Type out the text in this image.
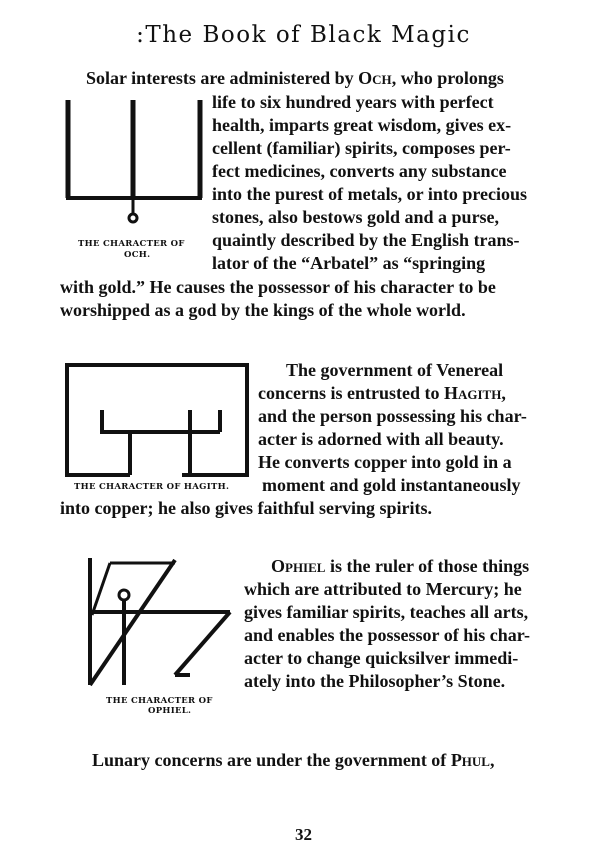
:The Book of Black Magic
Solar interests are administered by Och, who prolongs
life to six hundred years with perfect
health, imparts great wisdom, gives ex-
cellent (familiar) spirits, composes per-
fect medicines, converts any substance
into the purest of metals, or into precious
stones, also bestows gold and a purse,
quaintly described by the English trans-
lator of the “Arbatel” as “springing
with gold.” He causes the possessor of his character to be
worshipped as a god by the kings of the whole world.
THE CHARACTER OF
OCH.
The government of Venereal
concerns is entrusted to Hagith,
and the person possessing his char-
acter is adorned with all beauty.
He converts copper into gold in a
THE CHARACTER OF HAGITH. moment and gold instantaneously
into copper; he also gives faithful serving spirits.
THE CHARACTER OF
OPHIEL.
Ophiel is the ruler of those things
which are attributed to Mercury; he
gives familiar spirits, teaches all arts,
and enables the possessor of his char-
acter to change quicksilver immedi-
ately into the Philosopher’s Stone.
Lunary concerns are under the government of Phul,
32
